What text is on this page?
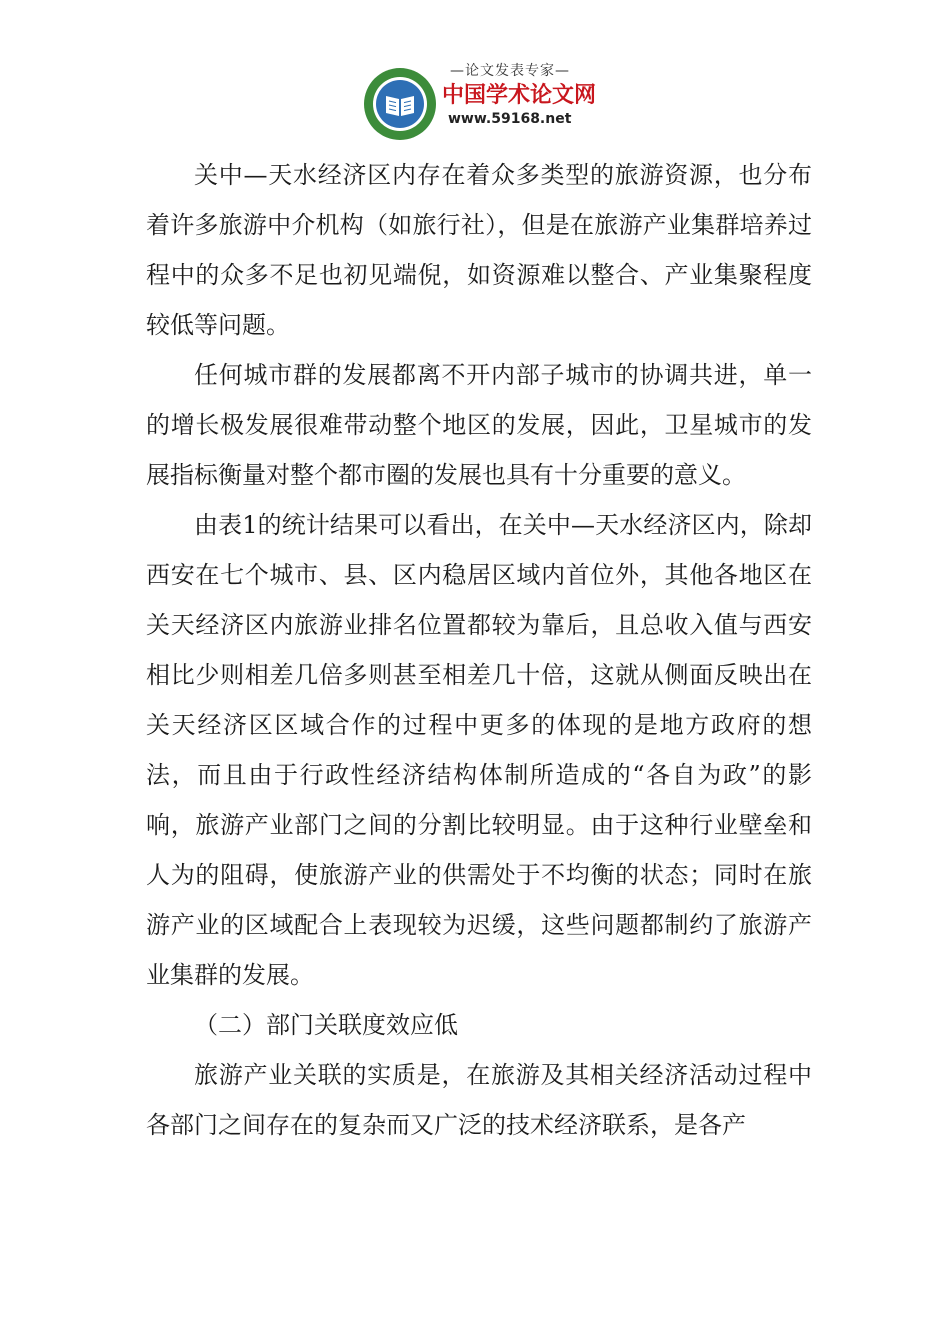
—论文发表专家—
中国学术论文网
www.59168.net

关中—天水经济区内存在着众多类型的旅游资源，也分布着许多旅游中介机构（如旅行社），但是在旅游产业集群培养过程中的众多不足也初见端倪，如资源难以整合、产业集聚程度较低等问题。

任何城市群的发展都离不开内部子城市的协调共进，单一的增长极发展很难带动整个地区的发展，因此，卫星城市的发展指标衡量对整个都市圈的发展也具有十分重要的意义。

由表1的统计结果可以看出，在关中—天水经济区内，除却西安在七个城市、县、区内稳居区域内首位外，其他各地区在关天经济区内旅游业排名位置都较为靠后，且总收入值与西安相比少则相差几倍多则甚至相差几十倍，这就从侧面反映出在关天经济区区域合作的过程中更多的体现的是地方政府的想法，而且由于行政性经济结构体制所造成的“各自为政”的影响，旅游产业部门之间的分割比较明显。由于这种行业壁垒和人为的阻碍，使旅游产业的供需处于不均衡的状态；同时在旅游产业的区域配合上表现较为迟缓，这些问题都制约了旅游产业集群的发展。

（二）部门关联度效应低

旅游产业关联的实质是，在旅游及其相关经济活动过程中各部门之间存在的复杂而又广泛的技术经济联系，是各产
